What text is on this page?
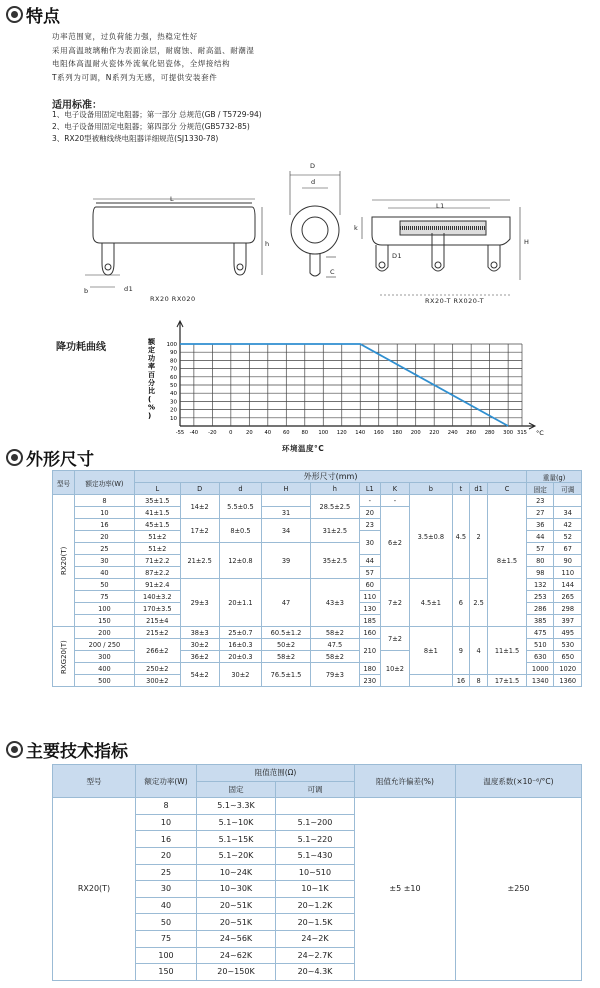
特点
功率范围宽，过负荷能力强，热稳定性好
采用高温玻璃釉作为表面涂层，耐腐蚀、耐高温、耐潮湿
电阻体高温耐火瓷体外流氧化铝瓷体，全焊接结构
T系列为可调，N系列为无感，可提供安装套件
适用标准：
1、电子设备用固定电阻器；第一部分 总规范(GB / T5729-94)
2、电子设备用固定电阻器；第四部分 分规范(GB5732-85)
3、RX20型被釉线绕电阻器详细规范(SJ1330-78)
L
h
b	d1
D
d
C
k
H
L1
D1
RX20 RX020	RX20-T RX020-T
降功耗曲线
10
20
30
40
50
60
70
80
90
100
-55 -40 -20 0	20 40 60 80 100 120 140 160 180 200 220 240 260 280 300 315 °C
额定功率百分比( % )
环境温度°C
外形尺寸
型号	额定功率(W)	外形尺寸(mm)											重量(g)	
		L	D	d	H	h	L1	K	b	t	d1	C	固定	可调
RX20(T)	8	35±1.5	14±2	5.5±0.5		28.5±2.5	-	-	3.5±0.8	4.5	2	8±1.5	23	
	10	41±1.5			31		20	6±2					27	34
	16	45±1.5	17±2	8±0.5	34	31±2.5	23						36	42
	20	51±2					30						44	52
	25	51±2	21±2.5	12±0.8	39	35±2.5							57	67
	30	71±2.2					44						80	90
	40	87±2.2					57						98	110
	50	91±2.4	29±3	20±1.1	47	43±3	60	7±2	4.5±1	6	2.5		132	144
	75	140±3.2					110						253	265
	100	170±3.5					130						286	298
	150	215±4					185						385	397
RXG20(T)	200	215±2	38±3	25±0.7	60.5±1.2	58±2	160	7±2	8±1	9	4	11±1.5	475	495
	200 / 250	266±2	30±2	16±0.3	50±2	47.5	210						510	530
	300		36±2	20±0.3	58±2	58±2		10±2					630	650
	400	250±2	54±2	30±2	76.5±1.5	79±3	180						1000	1020
	500	300±2					230			16	8	17±1.5	1340	1360
主要技术指标
型号	额定功率(W)	阻值范围(Ω)		阻值允许偏差(%)	温度系数(×10⁻⁶/°C)
		固定	可调		
RX20(T)	8	5.1~3.3K		±5 ±10	±250
	10	5.1~10K	5.1~200		
	16	5.1~15K	5.1~220		
	20	5.1~20K	5.1~430		
	25	10~24K	10~510		
	30	10~30K	10~1K		
	40	20~51K	20~1.2K		
	50	20~51K	20~1.5K		
	75	24~56K	24~2K		
	100	24~62K	24~2.7K		
	150	20~150K	20~4.3K		
